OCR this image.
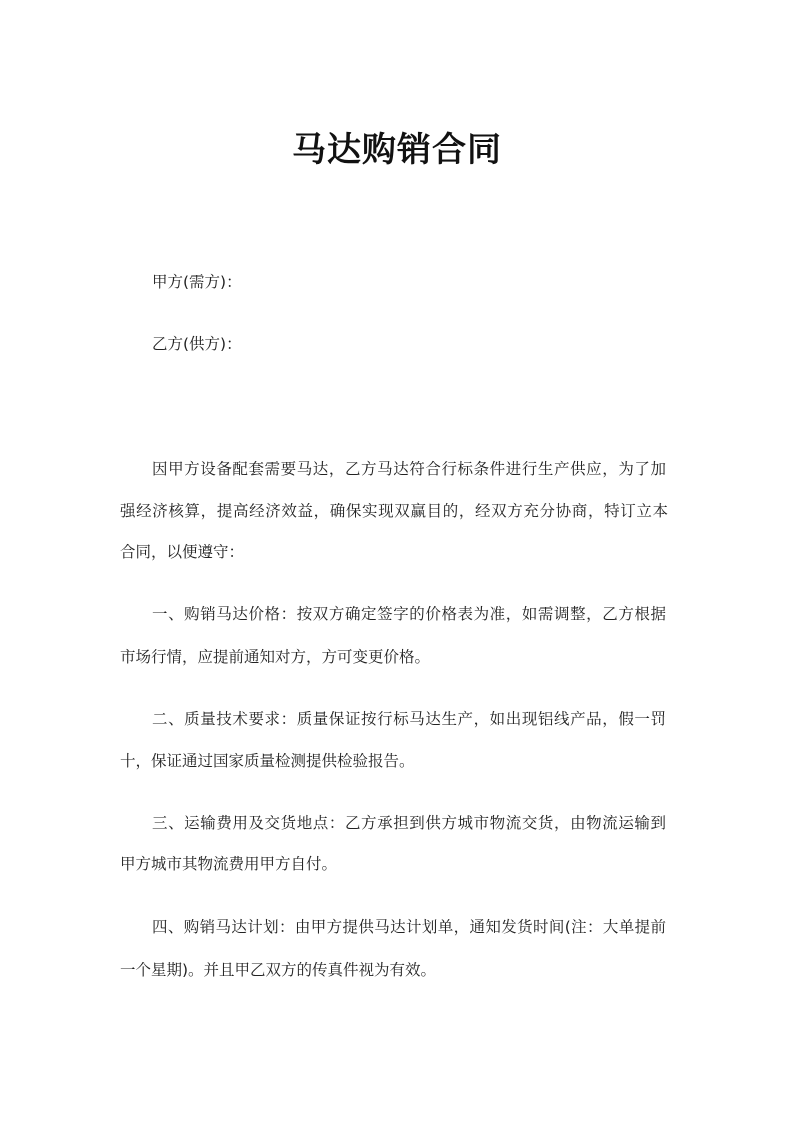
马达购销合同
甲方(需方)：
乙方(供方)：
因甲方设备配套需要马达，乙方马达符合行标条件进行生产供应，为了加
强经济核算，提高经济效益，确保实现双赢目的，经双方充分协商，特订立本
合同，以便遵守：
一、购销马达价格：按双方确定签字的价格表为准，如需调整，乙方根据
市场行情，应提前通知对方，方可变更价格。
二、质量技术要求：质量保证按行标马达生产，如出现铝线产品，假一罚
十，保证通过国家质量检测提供检验报告。
三、运输费用及交货地点：乙方承担到供方城市物流交货，由物流运输到
甲方城市其物流费用甲方自付。
四、购销马达计划：由甲方提供马达计划单，通知发货时间(注：大单提前
一个星期)。并且甲乙双方的传真件视为有效。
